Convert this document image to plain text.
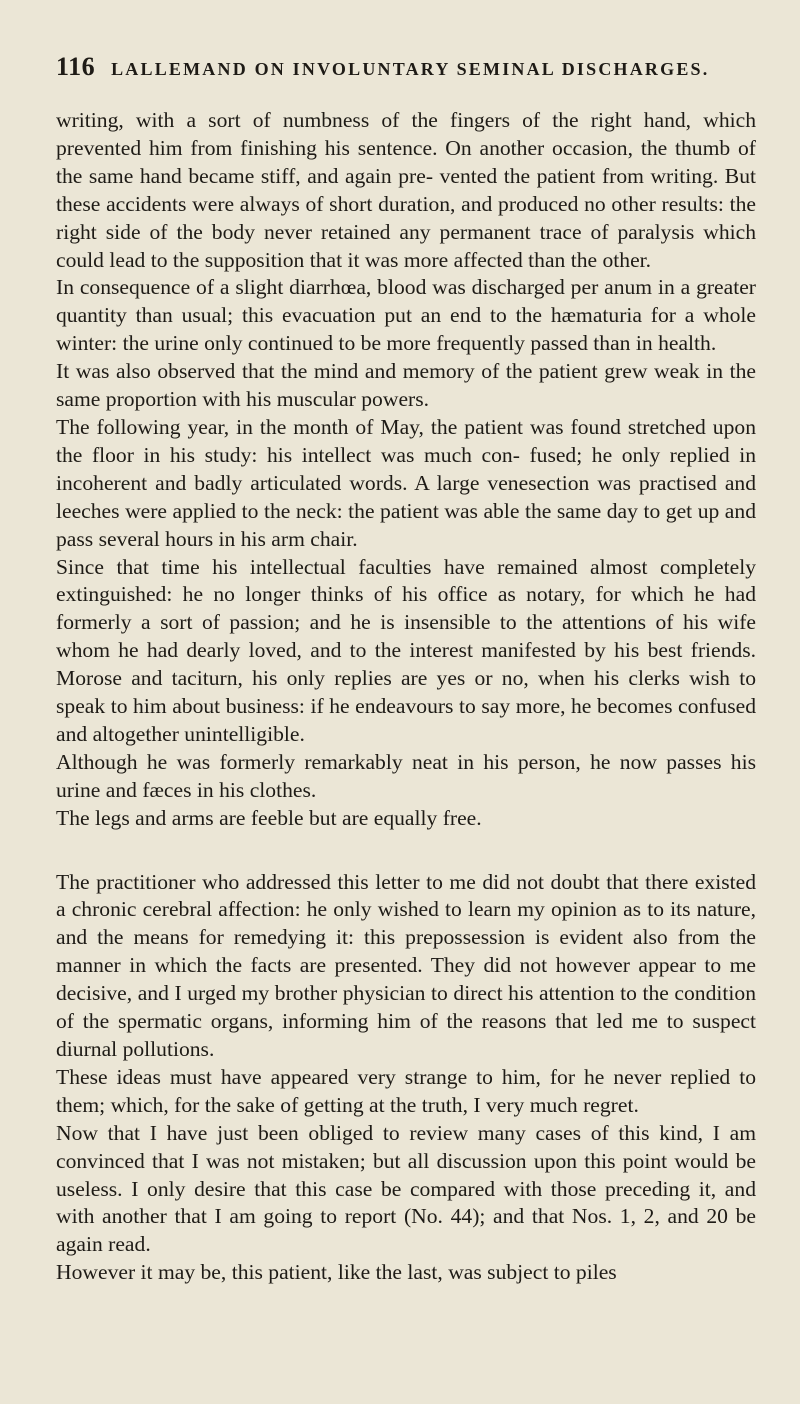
116 LALLEMAND ON INVOLUNTARY SEMINAL DISCHARGES.

writing, with a sort of numbness of the fingers of the right hand, which prevented him from finishing his sentence. On another occasion, the thumb of the same hand became stiff, and again pre- vented the patient from writing. But these accidents were always of short duration, and produced no other results: the right side of the body never retained any permanent trace of paralysis which could lead to the supposition that it was more affected than the other.

In consequence of a slight diarrhœa, blood was discharged per anum in a greater quantity than usual; this evacuation put an end to the hæmaturia for a whole winter: the urine only continued to be more frequently passed than in health.

It was also observed that the mind and memory of the patient grew weak in the same proportion with his muscular powers.

The following year, in the month of May, the patient was found stretched upon the floor in his study: his intellect was much con- fused; he only replied in incoherent and badly articulated words. A large venesection was practised and leeches were applied to the neck: the patient was able the same day to get up and pass several hours in his arm chair.

Since that time his intellectual faculties have remained almost completely extinguished: he no longer thinks of his office as notary, for which he had formerly a sort of passion; and he is insensible to the attentions of his wife whom he had dearly loved, and to the interest manifested by his best friends. Morose and taciturn, his only replies are yes or no, when his clerks wish to speak to him about business: if he endeavours to say more, he becomes confused and altogether unintelligible.

Although he was formerly remarkably neat in his person, he now passes his urine and fæces in his clothes.

The legs and arms are feeble but are equally free.

The practitioner who addressed this letter to me did not doubt that there existed a chronic cerebral affection: he only wished to learn my opinion as to its nature, and the means for remedying it: this prepossession is evident also from the manner in which the facts are presented. They did not however appear to me decisive, and I urged my brother physician to direct his attention to the condition of the spermatic organs, informing him of the reasons that led me to suspect diurnal pollutions.

These ideas must have appeared very strange to him, for he never replied to them; which, for the sake of getting at the truth, I very much regret.

Now that I have just been obliged to review many cases of this kind, I am convinced that I was not mistaken; but all discussion upon this point would be useless. I only desire that this case be compared with those preceding it, and with another that I am going to report (No. 44); and that Nos. 1, 2, and 20 be again read.

However it may be, this patient, like the last, was subject to piles
